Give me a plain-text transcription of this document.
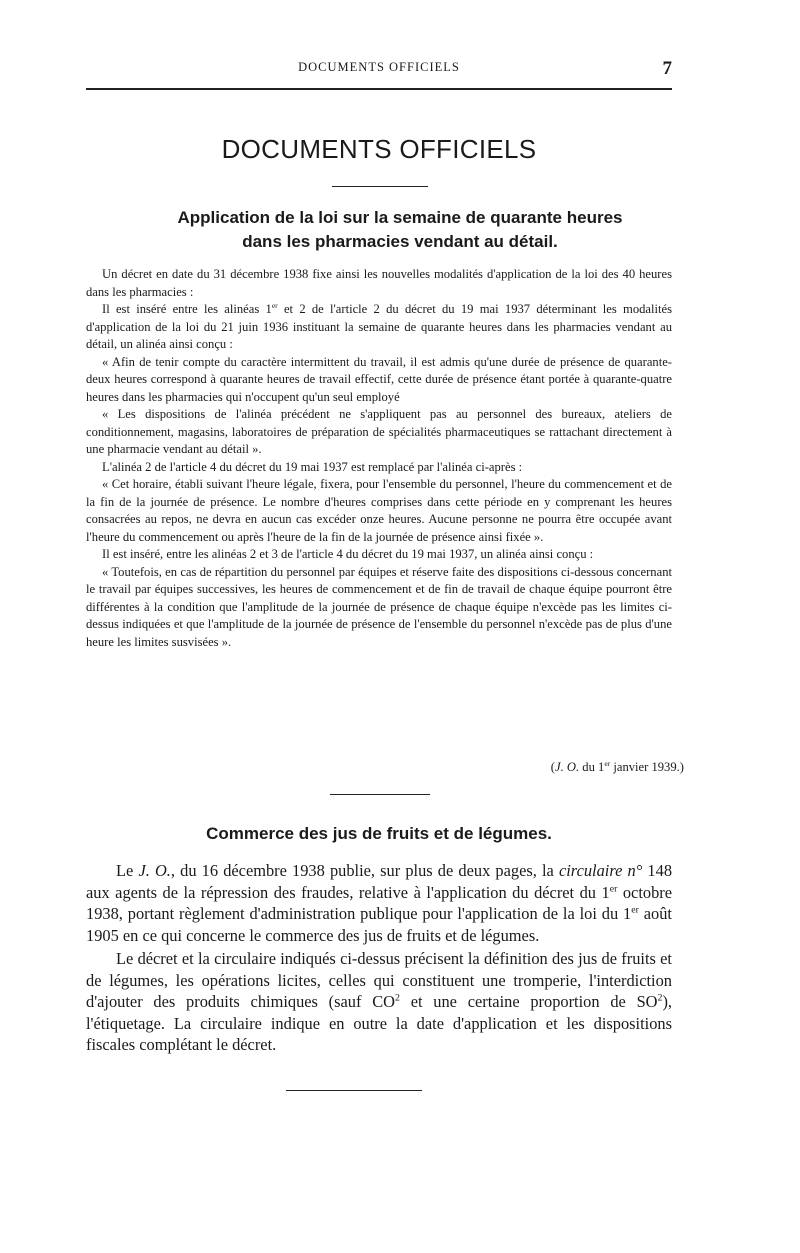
DOCUMENTS OFFICIELS	7
DOCUMENTS OFFICIELS
Application de la loi sur la semaine de quarante heures
dans les pharmacies vendant au détail.

Un décret en date du 31 décembre 1938 fixe ainsi les nouvelles modalités d'application de la loi des 40 heures dans les pharmacies :

Il est inséré entre les alinéas 1er et 2 de l'article 2 du décret du 19 mai 1937 déterminant les modalités d'application de la loi du 21 juin 1936 instituant la semaine de quarante heures dans les pharmacies vendant au détail, un alinéa ainsi conçu :

« Afin de tenir compte du caractère intermittent du travail, il est admis qu'une durée de présence de quarante-deux heures correspond à quarante heures de travail effectif, cette durée de présence étant portée à quarante-quatre heures dans les pharmacies qui n'occupent qu'un seul employé

« Les dispositions de l'alinéa précédent ne s'appliquent pas au personnel des bureaux, ateliers de conditionnement, magasins, laboratoires de préparation de spécialités pharmaceutiques se rattachant directement à une pharmacie vendant au détail ».

L'alinéa 2 de l'article 4 du décret du 19 mai 1937 est remplacé par l'alinéa ci-après :

« Cet horaire, établi suivant l'heure légale, fixera, pour l'ensemble du personnel, l'heure du commencement et de la fin de la journée de présence. Le nombre d'heures comprises dans cette période en y comprenant les heures consacrées au repos, ne devra en aucun cas excéder onze heures. Aucune personne ne pourra être occupée avant l'heure du commencement ou après l'heure de la fin de la journée de présence ainsi fixée ».

Il est inséré, entre les alinéas 2 et 3 de l'article 4 du décret du 19 mai 1937, un alinéa ainsi conçu :

« Toutefois, en cas de répartition du personnel par équipes et réserve faite des dispositions ci-dessous concernant le travail par équipes successives, les heures de commencement et de fin de travail de chaque équipe pourront être différentes à la condition que l'amplitude de la journée de présence de chaque équipe n'excède pas les limites ci-dessus indiquées et que l'amplitude de la journée de présence de l'ensemble du personnel n'excède pas de plus d'une heure les limites susvisées ».

(J. O. du 1er janvier 1939.)
Commerce des jus de fruits et de légumes.

Le J. O., du 16 décembre 1938 publie, sur plus de deux pages, la circulaire n° 148 aux agents de la répression des fraudes, relative à l'application du décret du 1er octobre 1938, portant règlement d'administration publique pour l'application de la loi du 1er août 1905 en ce qui concerne le commerce des jus de fruits et de légumes.

Le décret et la circulaire indiqués ci-dessus précisent la définition des jus de fruits et de légumes, les opérations licites, celles qui constituent une tromperie, l'interdiction d'ajouter des produits chimiques (sauf $CO^2$ et une certaine proportion de $SO^2$), l'étiquetage. La circulaire indique en outre la date d'application et les dispositions fiscales complétant le décret.
